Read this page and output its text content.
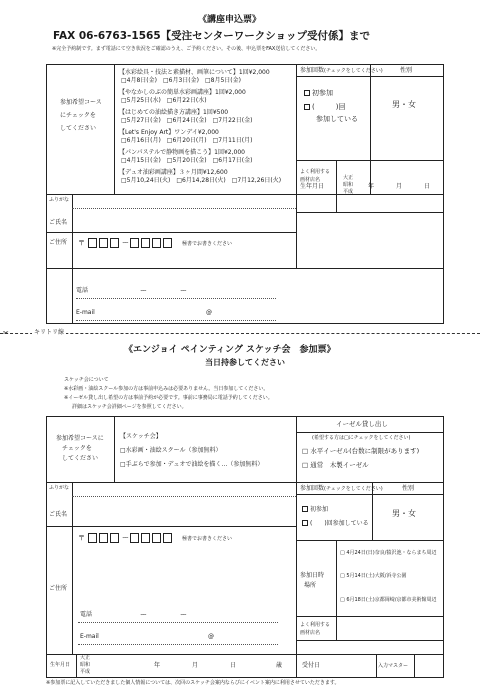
《講座申込票》
FAX 06-6763-1565【受注センターワークショップ受付係】まで
※完全予約制です。まず電話にて空き状況をご確認のうえ、ご予約ください。その後、申込票をFAX送信してください。
参加希望コース
にチェックを
してください
【水彩絵具・技法と素描材、画筆について】1回¥2,000
□4月8日(金)　□6月3日(金)　□8月5日(金)
【やなかしのぶの簡単水彩画講座】1回¥2,000
□5月25日(水)　□6月22日(水)
【はじめての油絵描き方講座】1回¥500
□5月27日(金)　□6月24日(金)　□7月22日(金)
【Let's Enjoy Art】ワンデイ¥2,000
□6月16日(月)　□6月20日(月)　□7月11日(月)
【パンパステルで静物画を描こう】1回¥2,000
□4月15日(金)　□5月20日(金)　□6月17日(金)
【デュオ油彩画講座】３ヶ月間¥12,600
□5月10,24日(火)　□6月14,28日(火)　□7月12,26日(火)
参加回数 (チェックをしてください)
初参加
(　　　)回
参加している
性別
男・女
よく利用する
画材店名	大正
昭和
平成
生年月日	年	月	日
ふりがな
ご氏名
ご住所 〒	ー	極書でお書きください
電話	ー	ー
E-mail	@
キリトリ線
✂
《エンジョイ ペインティング スケッチ会　参加票》
当日持参してください
スケッチ会について
※水彩画・油絵スクール参加の方は事前申込みは必要ありません。当日参加してください。
※イーゼル貸し出し希望の方は事前予約が必要です。事前に事務局に電話予約してください。
詳細はスケッチ会詳細ページを参照してください。
参加希望コースに
チェックを
してください
【スケッチ会】
□水彩画・油絵スクール（参加無料）
□手ぶらで参加・デュオで油絵を描く…（参加無料）
イーゼル貸し出し
(希望する方は□にチェックをしてください)
□ 水平イーゼル(台数に制限があります)
□ 通常　木製イーゼル
参加回数 (チェックをしてください)
初参加
(　　)回参加している
性別
男・女
ふりがな
ご氏名
ご住所
〒	ー	極書でお書きください
電話	ー	ー
E-mail	@
参加日時
場所
□ 4月24日(日)奈良/猿沢池・ならまち周辺
□ 5月14日(土)大阪/浜寺公園
□ 6月18日(土)京都岡崎/京都市美術館周辺
よく利用する
画材店名
生年月日
大正
昭和
平成
年	月	日	歳	受付日	入力マスター
※参加票に記入していただきました個人情報については、次回のスケッチ会案内ならびにイベント案内に利用させていただきます。
